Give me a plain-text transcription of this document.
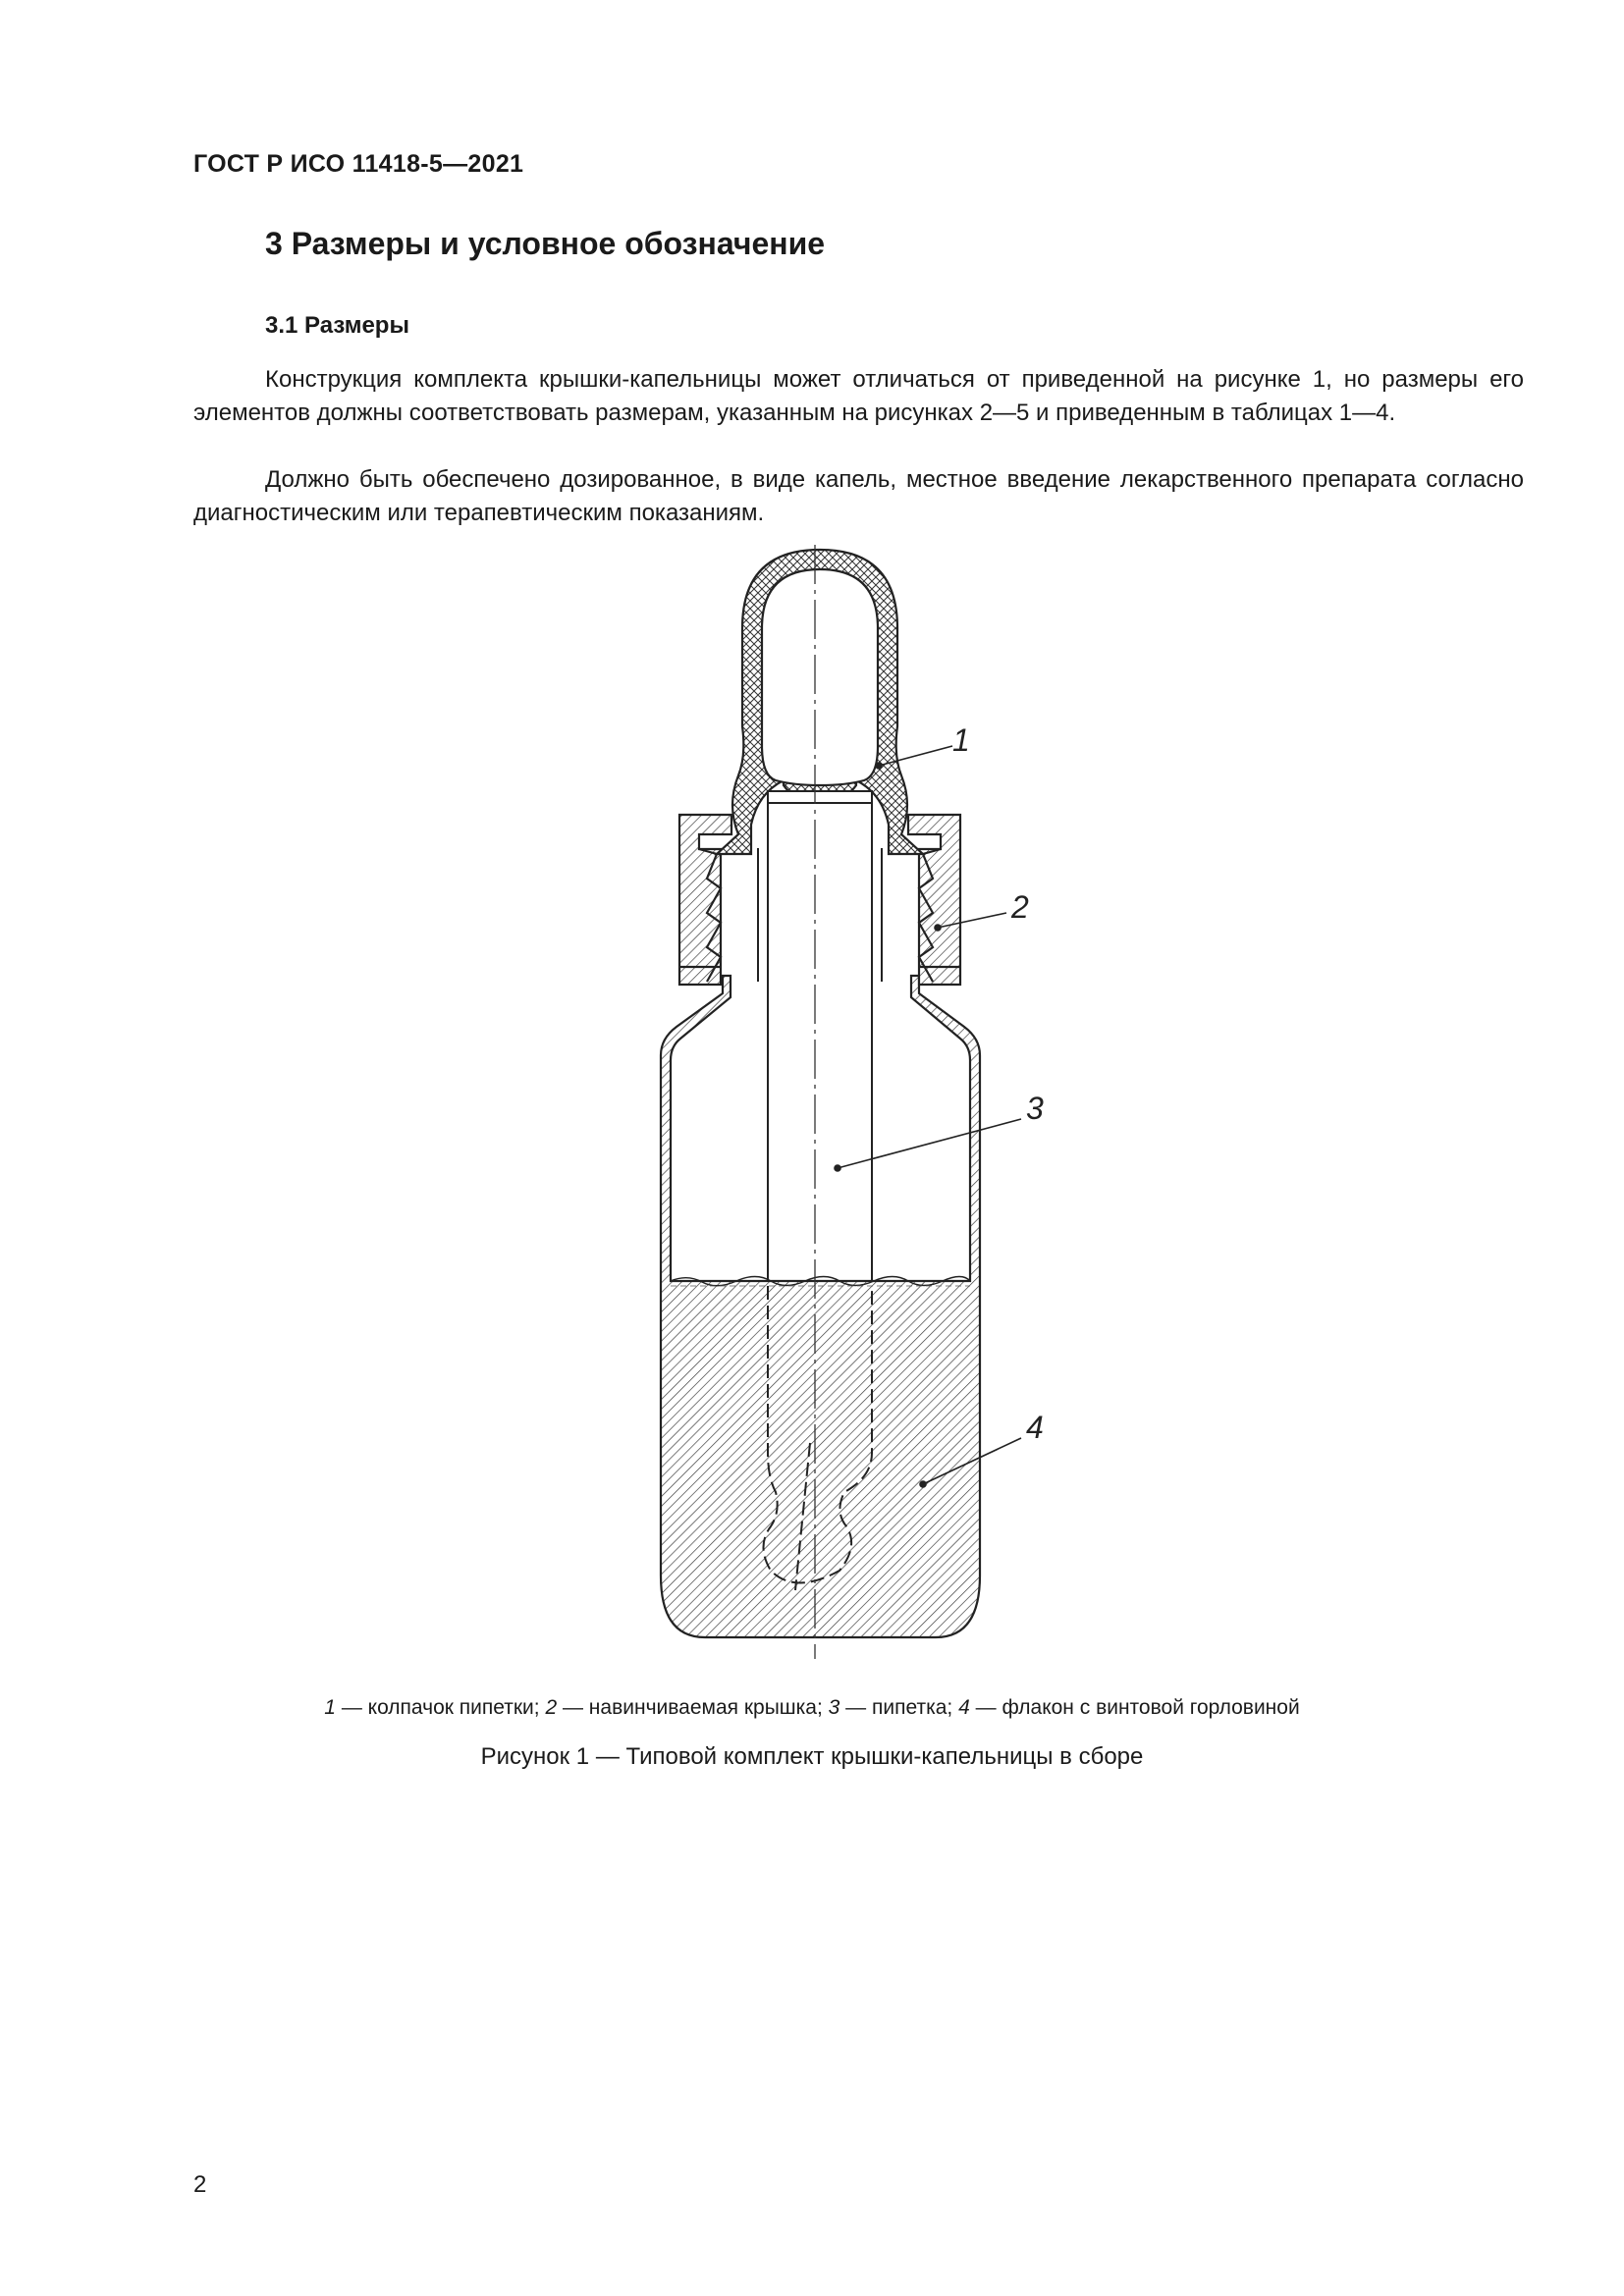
ГОСТ Р ИСО 11418-5—2021
3 Размеры и условное обозначение
3.1 Размеры

Конструкция комплекта крышки-капельницы может отличаться от приведенной на рисунке 1, но размеры его элементов должны соответствовать размерам, указанным на рисунках 2—5 и приведенным в таблицах 1—4.

Должно быть обеспечено дозированное, в виде капель, местное введение лекарственного препарата согласно диагностическим или терапевтическим показаниям.

1
2
3
4
1 — колпачок пипетки; 2 — навинчиваемая крышка; 3 — пипетка; 4 — флакон с винтовой горловиной
Рисунок 1 — Типовой комплект крышки-капельницы в сборе
2
